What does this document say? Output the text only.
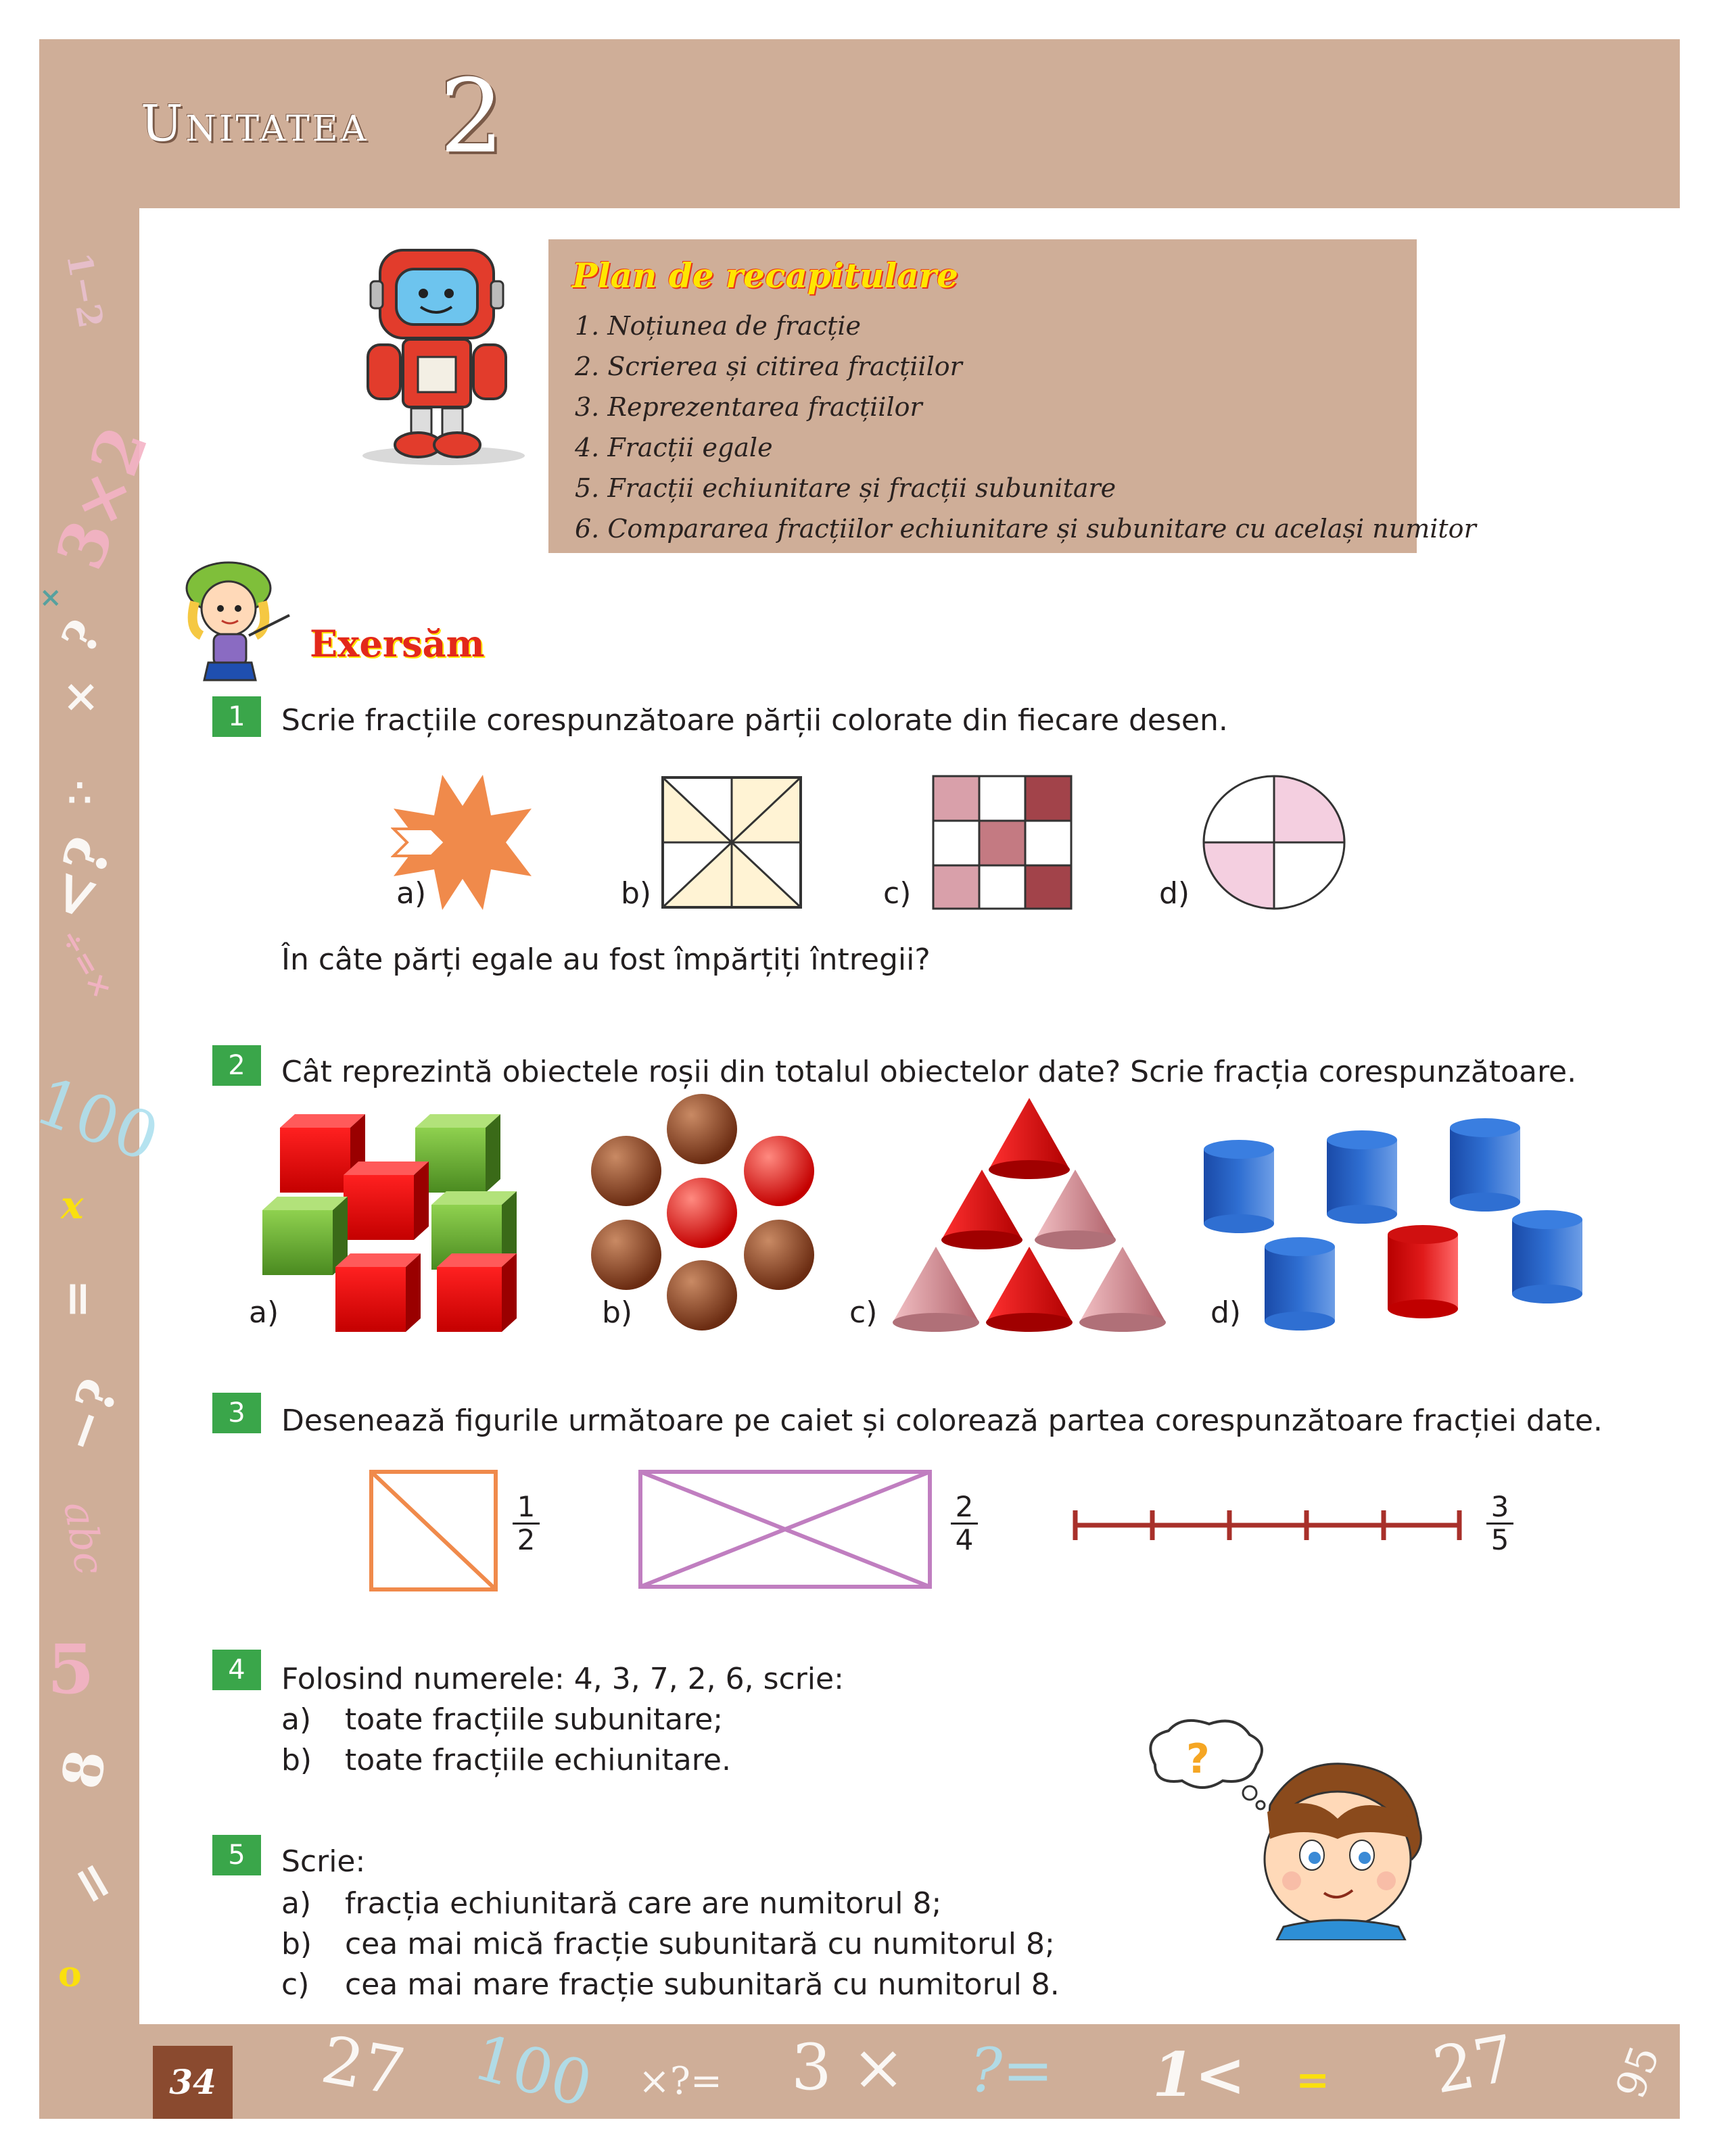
Unitatea 2
1−2
3×2
×
?
×
∴
<?
÷=×
100
x
=
−?
abc
5
8
=
o
27 100 ×?= 3 × ?= 1< = 27 95
Plan de recapitulare
1. Noțiunea de fracție
2. Scrierea și citirea fracțiilor
3. Reprezentarea fracțiilor
4. Fracții egale
5. Fracții echiunitare și fracții subunitare
6. Compararea fracțiilor echiunitare și subunitare cu același numitor
Exersăm
1	Scrie fracțiile corespunzătoare părții colorate din fiecare desen.
a)	b)	c)	d)
În câte părți egale au fost împărțiți întregii?
2	Cât reprezintă obiectele roșii din totalul obiectelor date? Scrie fracția corespunzătoare.
a)	b)	c)	d)
3	Desenează figurile următoare pe caiet și colorează partea corespunzătoare fracției date.
1
2
2
4
3
5
4	Folosind numerele: 4, 3, 7, 2, 6, scrie:
a) toate fracțiile subunitare;
b) toate fracțiile echiunitare.	?
5	Scrie:
a) fracția echiunitară care are numitorul 8;
b) cea mai mică fracție subunitară cu numitorul 8;
c) cea mai mare fracție subunitară cu numitorul 8.
34
